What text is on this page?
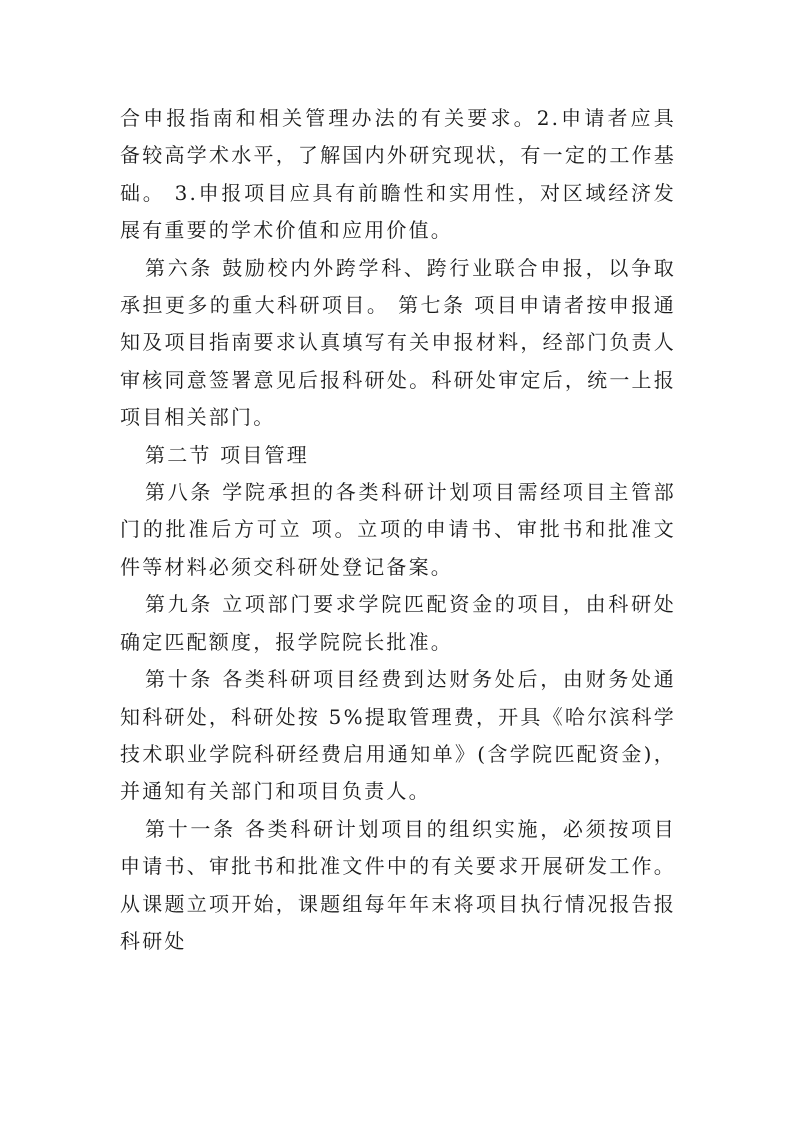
合申报指南和相关管理办法的有关要求。2.申请者应具备较高学术水平，了解国内外研究现状，有一定的工作基础。 3.申报项目应具有前瞻性和实用性，对区域经济发展有重要的学术价值和应用价值。

第六条 鼓励校内外跨学科、跨行业联合申报，以争取承担更多的重大科研项目。 第七条 项目申请者按申报通知及项目指南要求认真填写有关申报材料，经部门负责人审核同意签署意见后报科研处。科研处审定后，统一上报项目相关部门。

第二节 项目管理

第八条 学院承担的各类科研计划项目需经项目主管部门的批准后方可立 项。立项的申请书、审批书和批准文件等材料必须交科研处登记备案。

第九条 立项部门要求学院匹配资金的项目，由科研处确定匹配额度，报学院院长批准。

第十条 各类科研项目经费到达财务处后，由财务处通知科研处，科研处按 5%提取管理费，开具《哈尔滨科学技术职业学院科研经费启用通知单》(含学院匹配资金)，并通知有关部门和项目负责人。

第十一条 各类科研计划项目的组织实施，必须按项目申请书、审批书和批准文件中的有关要求开展研发工作。从课题立项开始，课题组每年年末将项目执行情况报告报科研处
